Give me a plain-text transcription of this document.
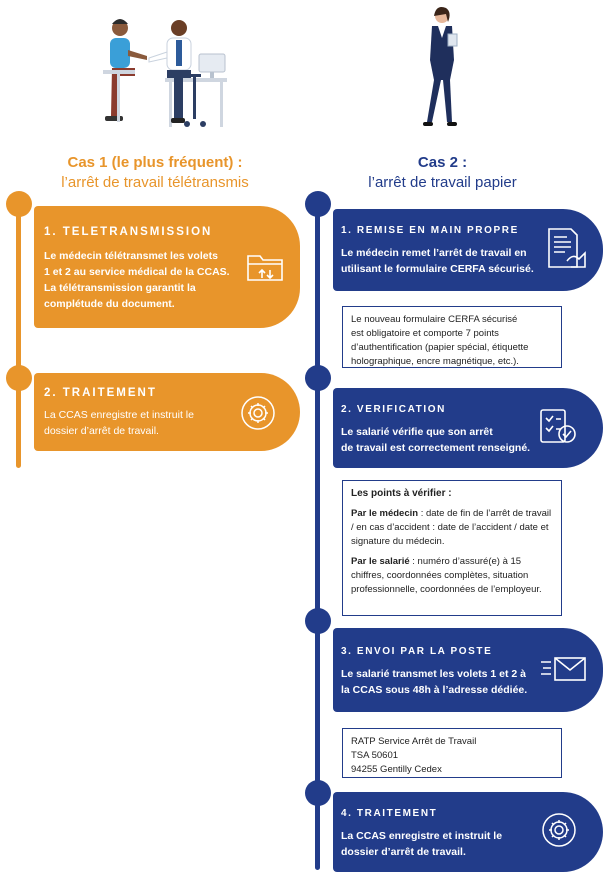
Cas 1 (le plus fréquent) :
l’arrêt de travail télétransmis
Cas 2 :
l’arrêt de travail papier
1. TELETRANSMISSION
Le médecin télétransmet les volets
1 et 2 au service médical de la CCAS.
La télétransmission garantit la
complétude du document.
2. TRAITEMENT
La CCAS enregistre et instruit le
dossier d’arrêt de travail.
1. REMISE EN MAIN PROPRE
Le médecin remet l’arrêt de travail en
utilisant le formulaire CERFA sécurisé.

Le nouveau formulaire CERFA sécurisé

est obligatoire et comporte 7 points

d’authentification (papier spécial, étiquette

holographique, encre magnétique, etc.).

2. VERIFICATION
Le salarié vérifie que son arrêt
de travail est correctement renseigné.

Les points à vérifier :

Par le médecin : date de fin de l’arrêt de travail / en cas d’accident : date de l’accident / date et signature du médecin.

Par le salarié : numéro d’assuré(e) à 15 chiffres, coordonnées complètes, situation professionnelle, coordonnées de l’employeur.

3. ENVOI PAR LA POSTE
Le salarié transmet les volets 1 et 2 à
la CCAS sous 48h à l’adresse dédiée.

RATP Service Arrêt de Travail

TSA 50601

94255 Gentilly Cedex

4. TRAITEMENT
La CCAS enregistre et instruit le
dossier d’arrêt de travail.
